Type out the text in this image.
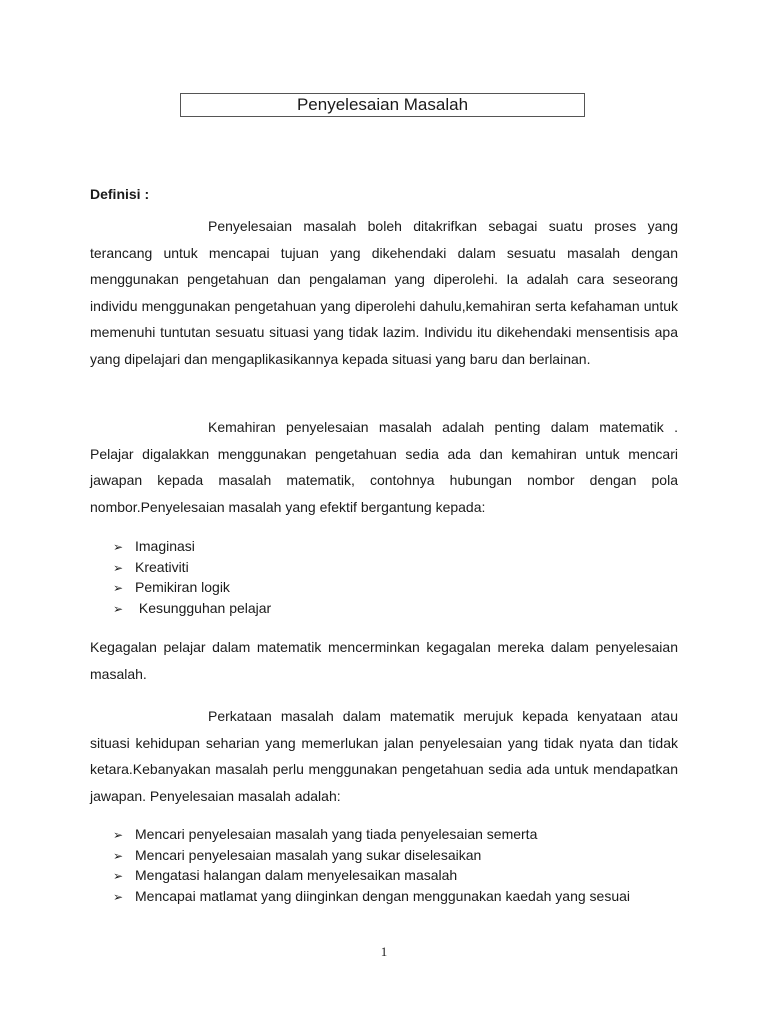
Penyelesaian Masalah
Definisi :

Penyelesaian masalah boleh ditakrifkan sebagai suatu proses yang terancang untuk mencapai tujuan yang dikehendaki dalam sesuatu masalah dengan menggunakan pengetahuan dan pengalaman yang diperolehi. Ia adalah cara seseorang individu menggunakan pengetahuan yang diperolehi dahulu,kemahiran serta kefahaman untuk memenuhi tuntutan sesuatu situasi yang tidak lazim. Individu itu dikehendaki mensentisis apa yang dipelajari dan mengaplikasikannya kepada situasi yang baru dan berlainan.

Kemahiran penyelesaian masalah adalah penting dalam matematik . Pelajar digalakkan menggunakan pengetahuan sedia ada dan kemahiran untuk mencari jawapan kepada masalah matematik, contohnya hubungan nombor dengan pola nombor.Penyelesaian masalah yang efektif bergantung kepada:

➢ Imaginasi
➢ Kreativiti
➢ Pemikiran logik
➢ Kesungguhan pelajar

Kegagalan pelajar dalam matematik mencerminkan kegagalan mereka dalam penyelesaian masalah.

Perkataan masalah dalam matematik merujuk kepada kenyataan atau situasi kehidupan seharian yang memerlukan jalan penyelesaian yang tidak nyata dan tidak ketara.Kebanyakan masalah perlu menggunakan pengetahuan sedia ada untuk mendapatkan jawapan. Penyelesaian masalah adalah:

➢ Mencari penyelesaian masalah yang tiada penyelesaian semerta
➢ Mencari penyelesaian masalah yang sukar diselesaikan
➢ Mengatasi halangan dalam menyelesaikan masalah
➢ Mencapai matlamat yang diinginkan dengan menggunakan kaedah yang sesuai
1
